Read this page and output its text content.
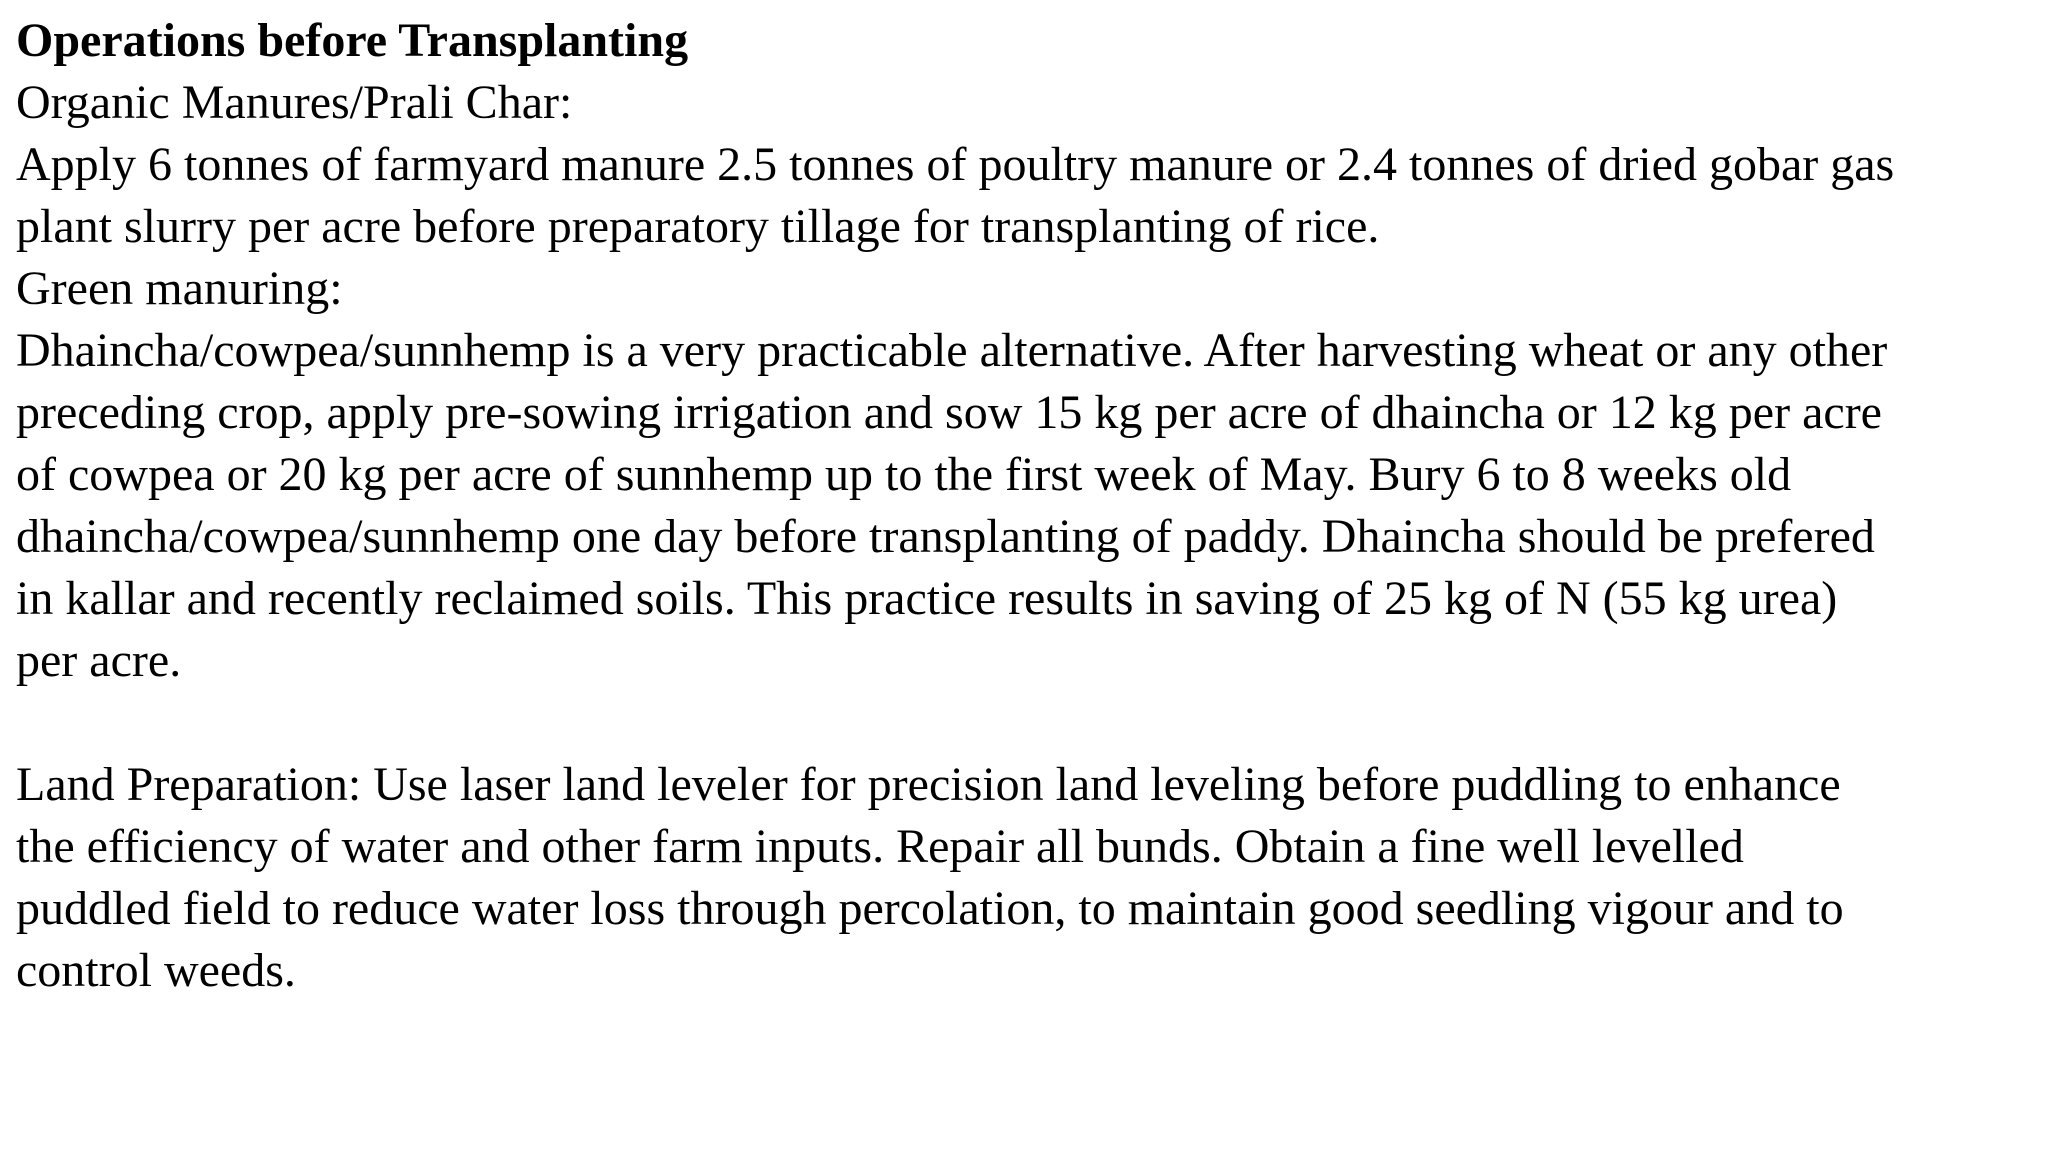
Operations before Transplanting
Organic Manures/Prali Char:
Apply 6 tonnes of farmyard manure 2.5 tonnes of poultry manure or 2.4 tonnes of dried gobar gas
plant slurry per acre before preparatory tillage for transplanting of rice.
Green manuring:
Dhaincha/cowpea/sunnhemp is a very practicable alternative. After harvesting wheat or any other
preceding crop, apply pre-sowing irrigation and sow 15 kg per acre of dhaincha or 12 kg per acre
of cowpea or 20 kg per acre of sunnhemp up to the first week of May. Bury 6 to 8 weeks old
dhaincha/cowpea/sunnhemp one day before transplanting of paddy. Dhaincha should be prefered
in kallar and recently reclaimed soils. This practice results in saving of 25 kg of N (55 kg urea)
per acre.
Land Preparation: Use laser land leveler for precision land leveling before puddling to enhance
the efficiency of water and other farm inputs. Repair all bunds. Obtain a fine well levelled
puddled field to reduce water loss through percolation, to maintain good seedling vigour and to
control weeds.
